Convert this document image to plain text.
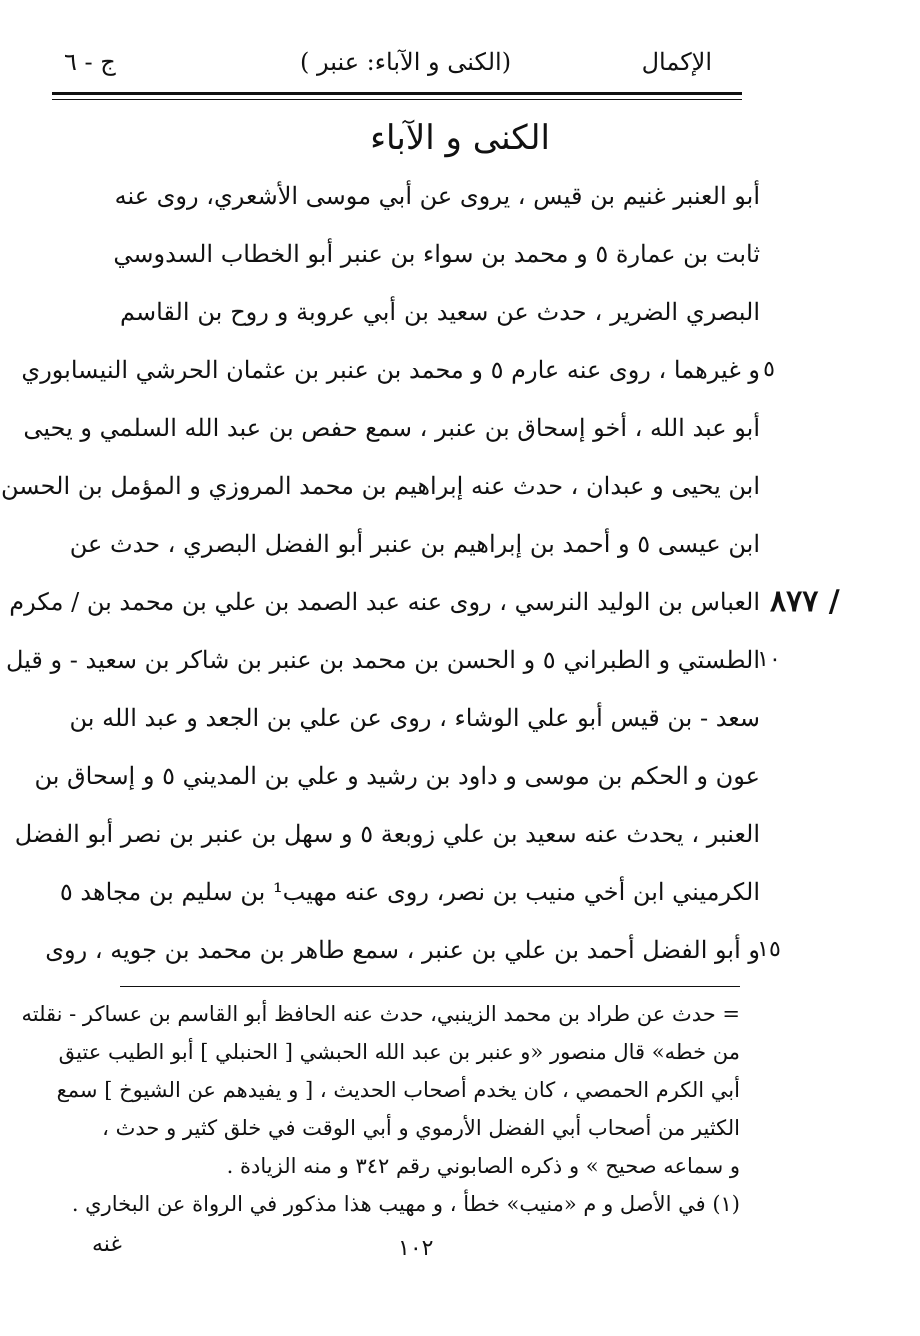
الإكمال
( الكنى و الآباء: عنبر)
ج - ٦
الكنى و الآباء
أبو العنبر غنيم بن قيس ، يروى عن أبي موسى الأشعري، روى عنه
ثابت بن عمارة ٥ و محمد بن سواء بن عنبر أبو الخطاب السدوسي
البصري الضرير ، حدث عن سعيد بن أبي عروبة و روح بن القاسم
٥
و غيرهما ، روى عنه عارم ٥ و محمد بن عنبر بن عثمان الحرشي النيسابوري
أبو عبد الله ، أخو إسحاق بن عنبر ، سمع حفص بن عبد الله السلمي و يحيى
ابن يحيى و عبدان ، حدث عنه إبراهيم بن محمد المروزي و المؤمل بن الحسن
ابن عيسى ٥ و أحمد بن إبراهيم بن عنبر أبو الفضل البصري ، حدث عن
العباس بن الوليد النرسي ، روى عنه عبد الصمد بن علي بن محمد بن / مكرم
١٠
الطستي و الطبراني ٥ و الحسن بن محمد بن عنبر بن شاكر بن سعيد - و قيل
سعد - بن قيس أبو علي الوشاء ، روى عن علي بن الجعد و عبد الله بن
عون و الحكم بن موسى و داود بن رشيد و علي بن المديني ٥ و إسحاق بن
العنبر ، يحدث عنه سعيد بن علي زوبعة ٥ و سهل بن عنبر بن نصر أبو الفضل
الكرميني ابن أخي منيب بن نصر، روى عنه مهيب¹ بن سليم بن مجاهد ٥
١٥
و أبو الفضل أحمد بن علي بن عنبر ، سمع طاهر بن محمد بن جويه ، روى
٨٧٧ /
= حدث عن طراد بن محمد الزينبي، حدث عنه الحافظ أبو القاسم بن عساكر - نقلته
من خطه» قال منصور «و عنبر بن عبد الله الحبشي [ الحنبلي ] أبو الطيب عتيق
أبي الكرم الحمصي ، كان يخدم أصحاب الحديث ، [ و يفيدهم عن الشيوخ ] سمع
الكثير من أصحاب أبي الفضل الأرموي و أبي الوقت في خلق كثير و حدث ،
و سماعه صحيح » و ذكره الصابوني رقم ٣٤٢ و منه الزيادة .
(١) في الأصل و م «منيب» خطأ ، و مهيب هذا مذكور في الرواة عن البخاري .
١٠٢
غنه
